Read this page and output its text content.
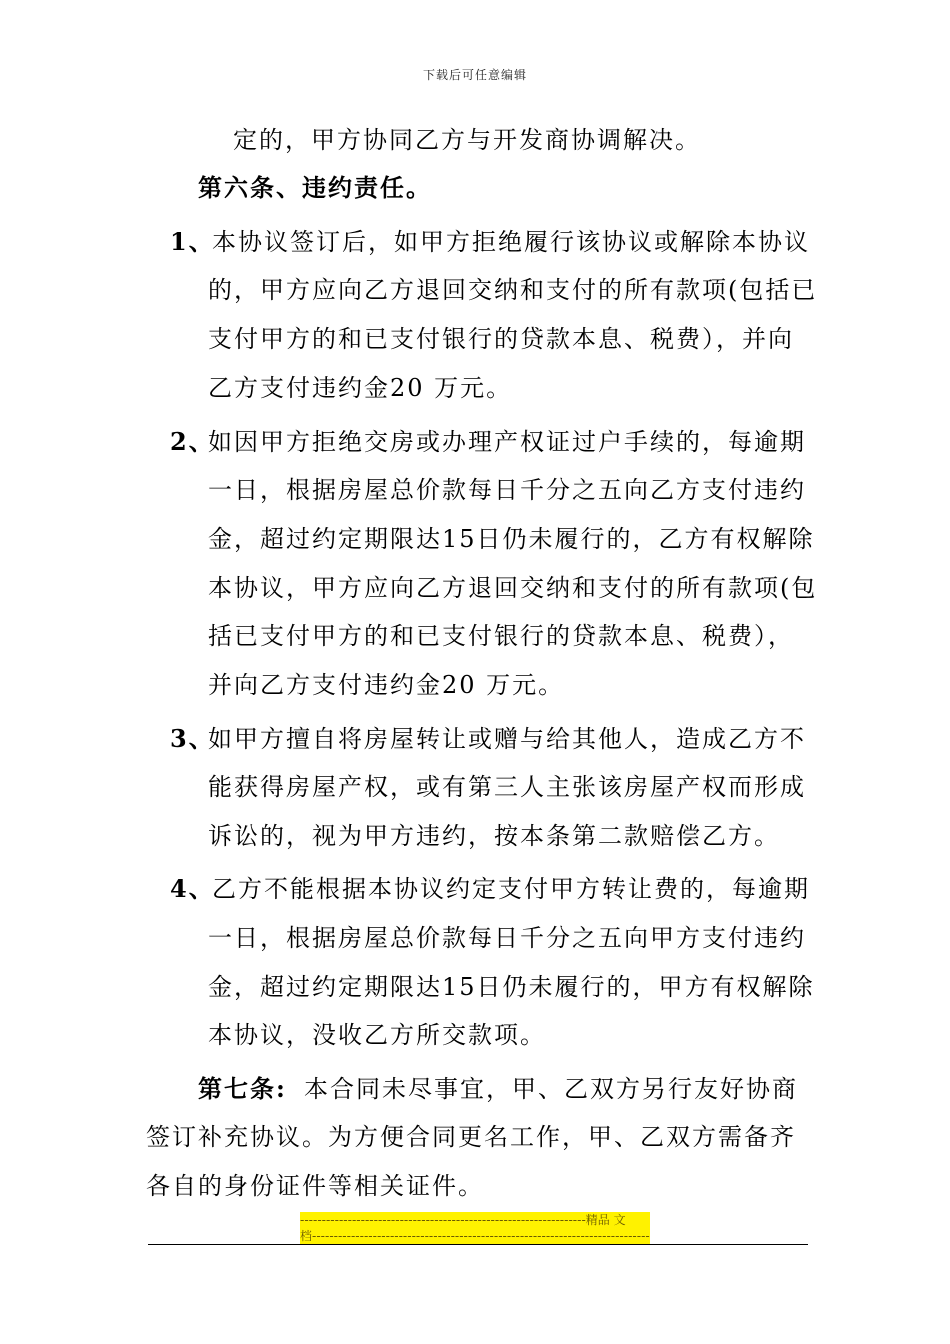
下载后可任意编辑
定的，甲方协同乙方与开发商协调解决。
第六条、违约责任。
1、
本协议签订后，如甲方拒绝履行该协议或解除本协议
的，甲方应向乙方退回交纳和支付的所有款项(包括已
支付甲方的和已支付银行的贷款本息、税费），并向
乙方支付违约金20 万元。
2、
如因甲方拒绝交房或办理产权证过户手续的，每逾期
一日，根据房屋总价款每日千分之五向乙方支付违约
金，超过约定期限达15日仍未履行的，乙方有权解除
本协议，甲方应向乙方退回交纳和支付的所有款项(包
括已支付甲方的和已支付银行的贷款本息、税费），
并向乙方支付违约金20 万元。
3、
如甲方擅自将房屋转让或赠与给其他人，造成乙方不
能获得房屋产权，或有第三人主张该房屋产权而形成
诉讼的，视为甲方违约，按本条第二款赔偿乙方。
4、
乙方不能根据本协议约定支付甲方转让费的，每逾期
一日，根据房屋总价款每日千分之五向甲方支付违约
金，超过约定期限达15日仍未履行的，甲方有权解除
本协议，没收乙方所交款项。
第七条: 本合同未尽事宜，甲、乙双方另行友好协商
签订补充协议。为方便合同更名工作，甲、乙双方需备齐
各自的身份证件等相关证件。
------------------------------------------------------------------精品 文
档------------------------------------------------------------------------------
